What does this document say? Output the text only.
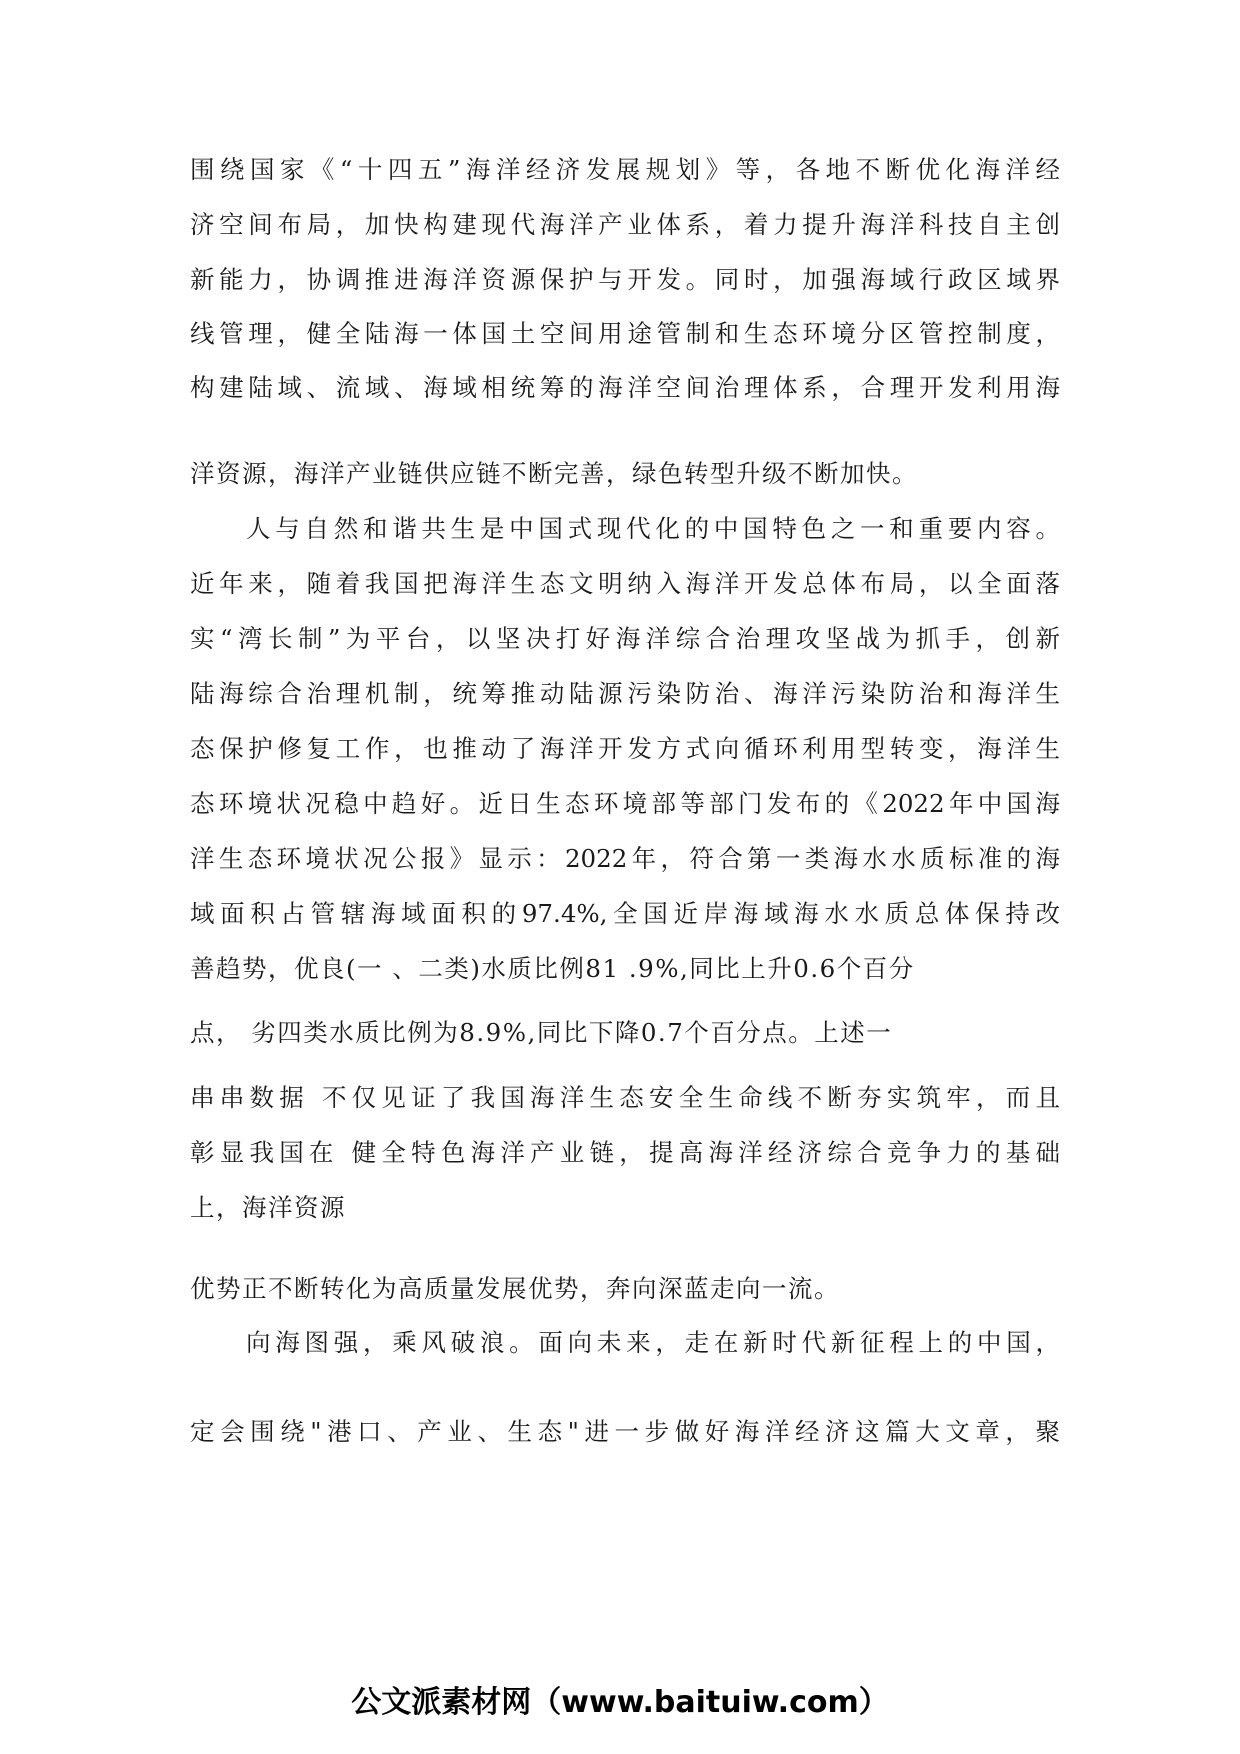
围绕国家《“十四五”海洋经济发展规划》等，各地不断优化海洋经
济空间布局，加快构建现代海洋产业体系，着力提升海洋科技自主创
新能力，协调推进海洋资源保护与开发。同时，加强海域行政区域界
线管理，健全陆海一体国土空间用途管制和生态环境分区管控制度，
构建陆域、流域、海域相统筹的海洋空间治理体系，合理开发利用海
洋资源，海洋产业链供应链不断完善，绿色转型升级不断加快。
人与自然和谐共生是中国式现代化的中国特色之一和重要内容。
近年来，随着我国把海洋生态文明纳入海洋开发总体布局，以全面落
实“湾长制”为平台，以坚决打好海洋综合治理攻坚战为抓手，创新
陆海综合治理机制，统筹推动陆源污染防治、海洋污染防治和海洋生
态保护修复工作，也推动了海洋开发方式向循环利用型转变，海洋生
态环境状况稳中趋好。近日生态环境部等部门发布的《2022年中国海
洋生态环境状况公报》显示：2022年，符合第一类海水水质标准的海
域面积占管辖海域面积的97.4%,全国近岸海域海水水质总体保持改
善趋势，优良(一 、二类)水质比例81 .9%,同比上升0.6个百分
点， 劣四类水质比例为8.9%,同比下降0.7个百分点。上述一
串串数据 不仅见证了我国海洋生态安全生命线不断夯实筑牢，而且
彰显我国在 健全特色海洋产业链，提高海洋经济综合竞争力的基础
上，海洋资源
优势正不断转化为高质量发展优势，奔向深蓝走向一流。
向海图强，乘风破浪。面向未来，走在新时代新征程上的中国，
定会围绕"港口、产业、生态"进一步做好海洋经济这篇大文章，聚
公文派素材网（www.baituiw.com）
